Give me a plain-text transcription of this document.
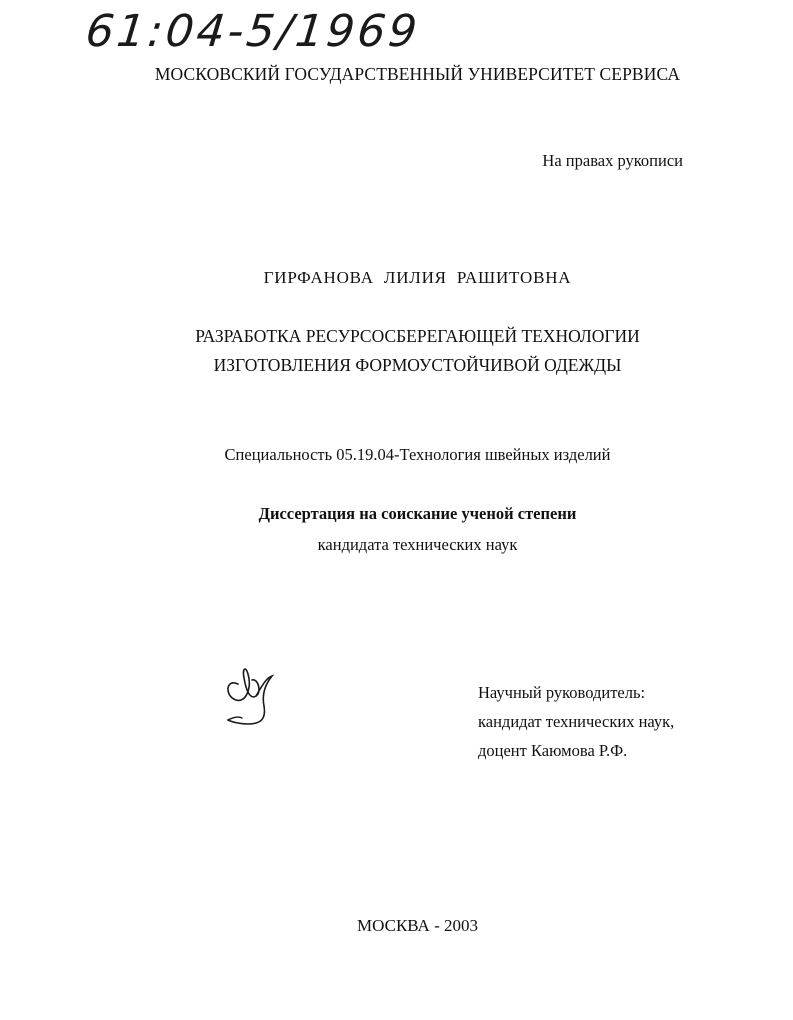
61:04-5/1969
МОСКОВСКИЙ ГОСУДАРСТВЕННЫЙ УНИВЕРСИТЕТ СЕРВИСА
На правах рукописи
ГИРФАНОВА ЛИЛИЯ РАШИТОВНА
РАЗРАБОТКА РЕСУРСОСБЕРЕГАЮЩЕЙ ТЕХНОЛОГИИ
ИЗГОТОВЛЕНИЯ ФОРМОУСТОЙЧИВОЙ ОДЕЖДЫ
Специальность 05.19.04-Технология швейных изделий
Диссертация на соискание ученой степени
кандидата технических наук
Научный руководитель:
кандидат технических наук,
доцент Каюмова Р.Ф.
МОСКВА - 2003
